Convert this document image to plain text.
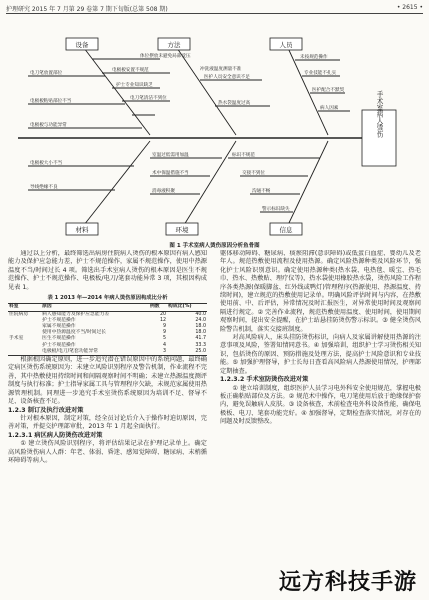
护理研究 2015 年 7 月第 29 卷第 7 期下旬版(总第 508 期)	• 2615 •
设备	方法	人员
材料	环境	信息
手术室病人烫伤
体位摆放未避免局部受压
冲洗液温度测量不准
电极板安置不规范
护士专业知识缺乏
电刀笔清洁不到位
电刀笔放置部位
电极板粘贴部位不当
电极板与功能异常
未按规范操作
专业技能不扎实
医护配合不默契
病人因素
医护人员安全意识不足
热水袋温度过高
电极板大小不当
导线绝缘不良
室温过低需用加温
术中保温措施不当
消毒液积聚
标识不规范
交接不到位
沟通不畅
警示标识缺失
图 1 手术室病人烫伤原因分析鱼骨图

通过以上分析，最终筛选出病房住院病人烫伤的根本原因有病人感知能力及保护应急能力差，护士不规范操作，家属不规范操作，使用中热源温度不当/时间过长 4 项。筛选出手术室病人烫伤的根本原因是医生不规范操作、护士不规范操作、电极板/电刀/笔套功能异常 3 项，其根因构成见表 1。

表 1 2013 年—2014 年病人烫伤原因构成比分析
科室	原因	例数	构成比(%)
住院病房	病人感知能力及保护应急能力差	20	40.0
	护士不规范操作	12	24.0
	家属不规范操作	9	18.0
	使用中热源温度不当/时间过长	9	18.0
手术室	医生不规范操作	5	41.7
	护士不规范操作	4	33.3
	电极板/电刀/笔套功能异常	3	25.0

根据根因确定原则，进一步追究潜在错误原因中的系统问题，最终确定病区烫伤系统原因为：未建立风险识别程序及警告机制，作业流程不完善，其中热敷使用持续时间和间隔观察时间不明确；未建立热源温度测评制度与执行标准；护士指导家属工具与管理程序欠缺，未规范家属使用热源管理机制。同理进一步追究手术室烫伤系统原因为培训不足、督导不足、设备核查不足。

1.2.3 制订及执行改进对策

针对根本原因，制定对策，经全员讨论后介入于操作时迫切原因，完善对策，并提交护理部审批，2013 年 1 月起全面执行。

1.2.3.1 病区病人防烫伤改进对策

① 建立烫伤风险识别程序，将评估结果记录在护理记录单上。确定高风险烫伤病人人群：年老、体弱、昏迷、感知觉障碍、糖尿病、末梢循环障碍等病人。

躯体移动障碍、糖尿病、痰瘀阻滞(意识障碍)或低蛋白血症、婴幼儿及老年人。规范热敷使用流程及使用热源。确定风险热源种类及风险环节，强化护士风险识别意识。确定使用热源种类(热水袋、电热毯、暖宝、热毛巾、热水、热敷贴、理疗仪等)，热水袋使用橡胶热水袋，烫伤风险工作程序各类热源(保暖脚盆、红外线或鸭灯)管理程序(热源使用、热源温度、持续时间)，建立规范的热敷使用记录单。明确风险评估时间与内容，在热敷使用前、中、后评估，异常情况及时汇报医生，对异常使用时间及观察间隔进行规定。② 完善作业流程，规范热敷使用温度、使用时间，使用期间观察时间，提出安全提醒，在护士站悬挂防烫伤警示标识。③ 健全烫伤风险警告机制，落实交接班制度。

对高风险病人，床头挂防烫伤标识，向病人及家属讲解使用热源的注意事项及风险，签署知情同意书。④ 加强培训，组织护士学习烫伤相关知识，包括烫伤的原因、预防措施及处理方法，提高护士风险意识和专业技能。⑤ 加强护理督导，护士长每日查看高风险病人热源使用情况，护理部定期抽查。

1.2.3.2 手术室防烫伤改进对策

① 建立培训制度，组织医护人员学习电外科安全使用规范，掌握电极板正确粘贴部位及方法。② 规范术中操作，电刀笔使用后放于绝缘保护套内，避免误触病人皮肤。③ 设备核查，术前检查电外科设备性能，确保电极板、电刀、笔套功能完好。④ 加强督导，定期检查落实情况，对存在的问题及时反馈整改。

远方科技手游
